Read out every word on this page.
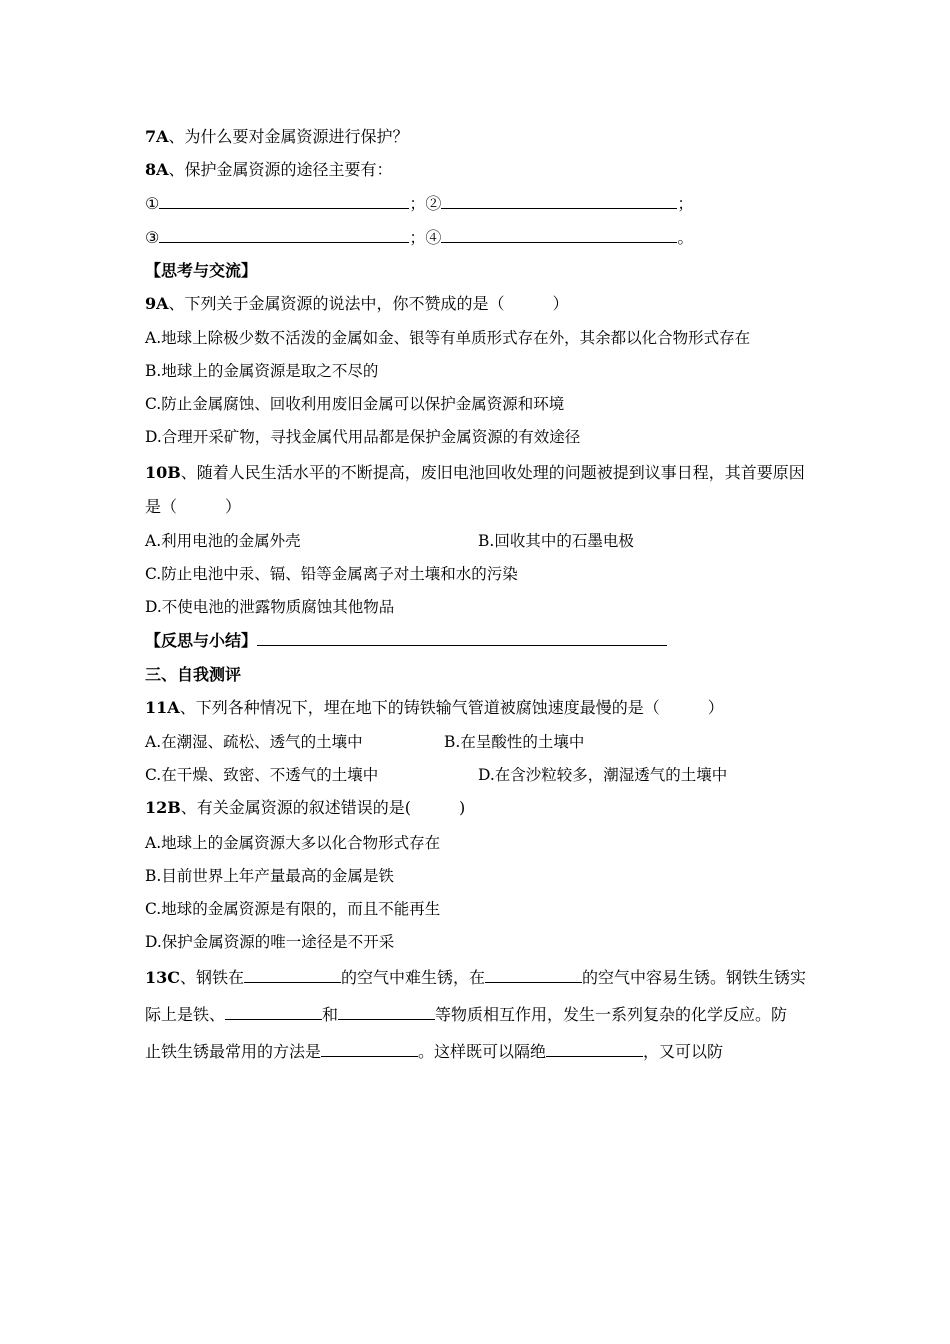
7A、为什么要对金属资源进行保护？
8A、保护金属资源的途径主要有：
①	；②	；
③	；④	。
【思考与交流】
9A、下列关于金属资源的说法中，你不赞成的是（　　　）
A.地球上除极少数不活泼的金属如金、银等有单质形式存在外，其余都以化合物形式存在
B.地球上的金属资源是取之不尽的
C.防止金属腐蚀、回收利用废旧金属可以保护金属资源和环境
D.合理开采矿物，寻找金属代用品都是保护金属资源的有效途径
10B、随着人民生活水平的不断提高，废旧电池回收处理的问题被提到议事日程，其首要原因
是（　　　）
A.利用电池的金属外壳	B.回收其中的石墨电极
C.防止电池中汞、镉、铅等金属离子对土壤和水的污染
D.不使电池的泄露物质腐蚀其他物品
【反思与小结】
三、自我测评
11A、下列各种情况下，埋在地下的铸铁输气管道被腐蚀速度最慢的是（　　　）
A.在潮湿、疏松、透气的土壤中	B.在呈酸性的土壤中
C.在干燥、致密、不透气的土壤中	D.在含沙粒较多，潮湿透气的土壤中
12B、有关金属资源的叙述错误的是(　　　)
A.地球上的金属资源大多以化合物形式存在
B.目前世界上年产量最高的金属是铁
C.地球的金属资源是有限的，而且不能再生
D.保护金属资源的唯一途径是不开采
13C、钢铁在	的空气中难生锈，在	的空气中容易生锈。钢铁生锈实
际上是铁、	和	等物质相互作用，发生一系列复杂的化学反应。防
止铁生锈最常用的方法是	。这样既可以隔绝	，又可以防
